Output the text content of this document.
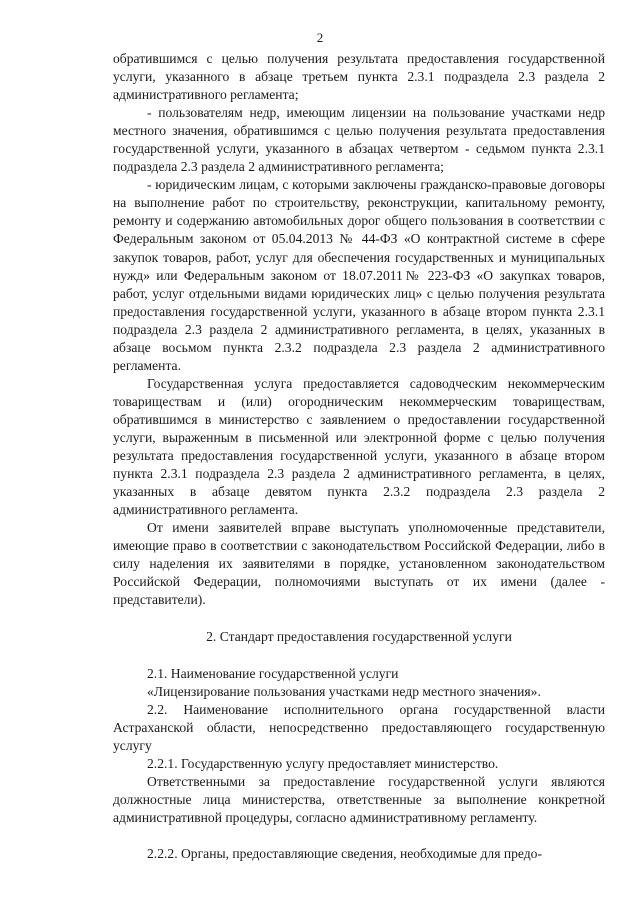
2

обратившимся с целью получения результата предоставления государственной услуги, указанного в абзаце третьем пункта 2.3.1 подраздела 2.3 раздела 2 административного регламента;

- пользователям недр, имеющим лицензии на пользование участками недр местного значения, обратившимся с целью получения результата предоставления государственной услуги, указанного в абзацах четвертом - седьмом пункта 2.3.1 подраздела 2.3 раздела 2 административного регламента;

- юридическим лицам, с которыми заключены гражданско-правовые договоры на выполнение работ по строительству, реконструкции, капитальному ремонту, ремонту и содержанию автомобильных дорог общего пользования в соответствии с Федеральным законом от 05.04.2013 № 44-ФЗ «О контрактной системе в сфере закупок товаров, работ, услуг для обеспечения государственных и муниципальных нужд» или Федеральным законом от 18.07.2011№ 223-ФЗ «О закупках товаров, работ, услуг отдельными видами юридических лиц» с целью получения результата предоставления государственной услуги, указанного в абзаце втором пункта 2.3.1 подраздела 2.3 раздела 2 административного регламента, в целях, указанных в абзаце восьмом пункта 2.3.2 подраздела 2.3 раздела 2 административного регламента.

Государственная услуга предоставляется садоводческим некоммерческим товариществам и (или) огородническим некоммерческим товариществам, обратившимся в министерство с заявлением о предоставлении государственной услуги, выраженным в письменной или электронной форме с целью получения результата предоставления государственной услуги, указанного в абзаце втором пункта 2.3.1 подраздела 2.3 раздела 2 административного регламента, в целях, указанных в абзаце девятом пункта 2.3.2 подраздела 2.3 раздела 2 административного регламента.

От имени заявителей вправе выступать уполномоченные представители, имеющие право в соответствии с законодательством Российской Федерации, либо в силу наделения их заявителями в порядке, установленном законодательством Российской Федерации, полномочиями выступать от их имени (далее - представители).

2. Стандарт предоставления государственной услуги

2.1. Наименование государственной услуги

«Лицензирование пользования участками недр местного значения».

2.2. Наименование исполнительного органа государственной власти Астраханской области, непосредственно предоставляющего государственную услугу

2.2.1. Государственную услугу предоставляет министерство.

Ответственными за предоставление государственной услуги являются должностные лица министерства, ответственные за выполнение конкретной административной процедуры, согласно административному регламенту.

2.2.2. Органы, предоставляющие сведения, необходимые для предо-
